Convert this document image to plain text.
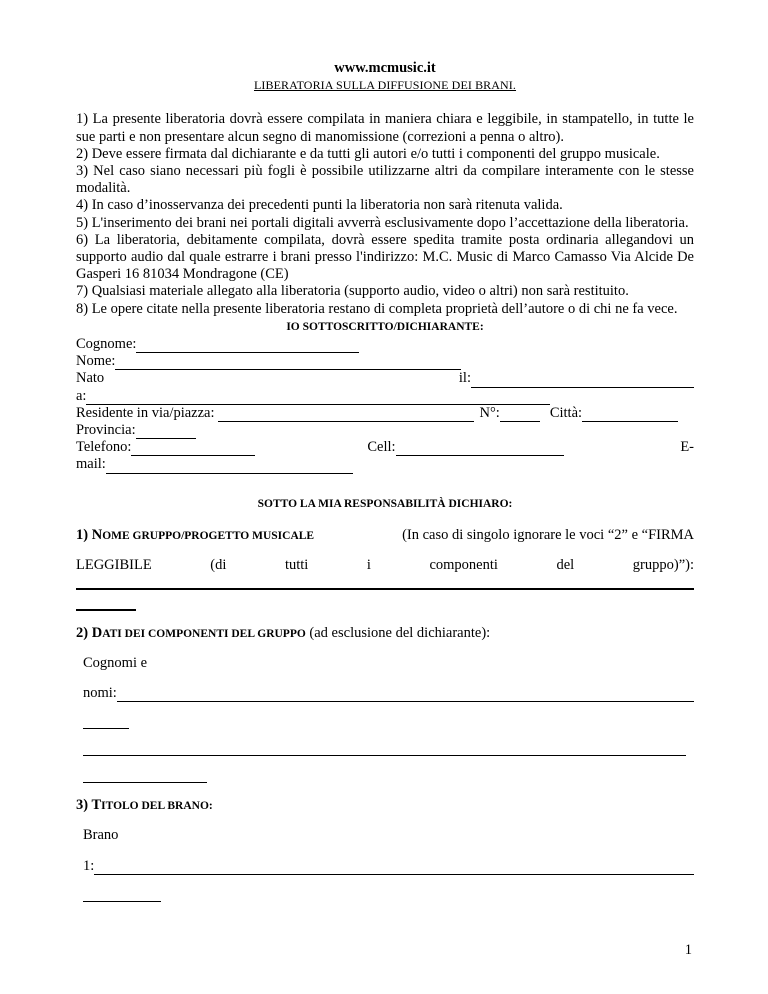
www.mcmusic.it
LIBERATORIA SULLA DIFFUSIONE DEI BRANI.

1) La presente liberatoria dovrà essere compilata in maniera chiara e leggibile, in stampatello, in tutte le sue parti e non presentare alcun segno di manomissione (correzioni a penna o altro).

2) Deve essere firmata dal dichiarante e da tutti gli autori e/o tutti i componenti del gruppo musicale.

3) Nel caso siano necessari più fogli è possibile utilizzarne altri da compilare interamente con le stesse modalità.

4) In caso d’inosservanza dei precedenti punti la liberatoria non sarà ritenuta valida.

5) L'inserimento dei brani nei portali digitali avverrà esclusivamente dopo l’accettazione della liberatoria.

6) La liberatoria, debitamente compilata, dovrà essere spedita tramite posta ordinaria allegandovi un supporto audio dal quale estrarre i brani presso l'indirizzo: M.C. Music di Marco Camasso Via Alcide De Gasperi 16 81034 Mondragone (CE)

7) Qualsiasi materiale allegato alla liberatoria (supporto audio, video o altri) non sarà restituito.

8) Le opere citate nella presente liberatoria restano di completa proprietà dell’autore o di chi ne fa vece.

IO SOTTOSCRITTO/DICHIARANTE:
Cognome:
Nome:
Nato	il:
a:
Residente in via/piazza:	N°:	Città:
Provincia:
Telefono:	Cell:	E-
mail:
SOTTO LA MIA RESPONSABILITÀ DICHIARO:
1) NOME GRUPPO/PROGETTO MUSICALE	(In caso di singolo ignorare le voci “2” e “FIRMA
LEGGIBILE	(di	tutti	i	componenti	del	gruppo)”):
2) DATI DEI COMPONENTI DEL GRUPPO (ad esclusione del dichiarante):
Cognomi e
nomi:
3) TITOLO DEL BRANO:
Brano
1:
1
